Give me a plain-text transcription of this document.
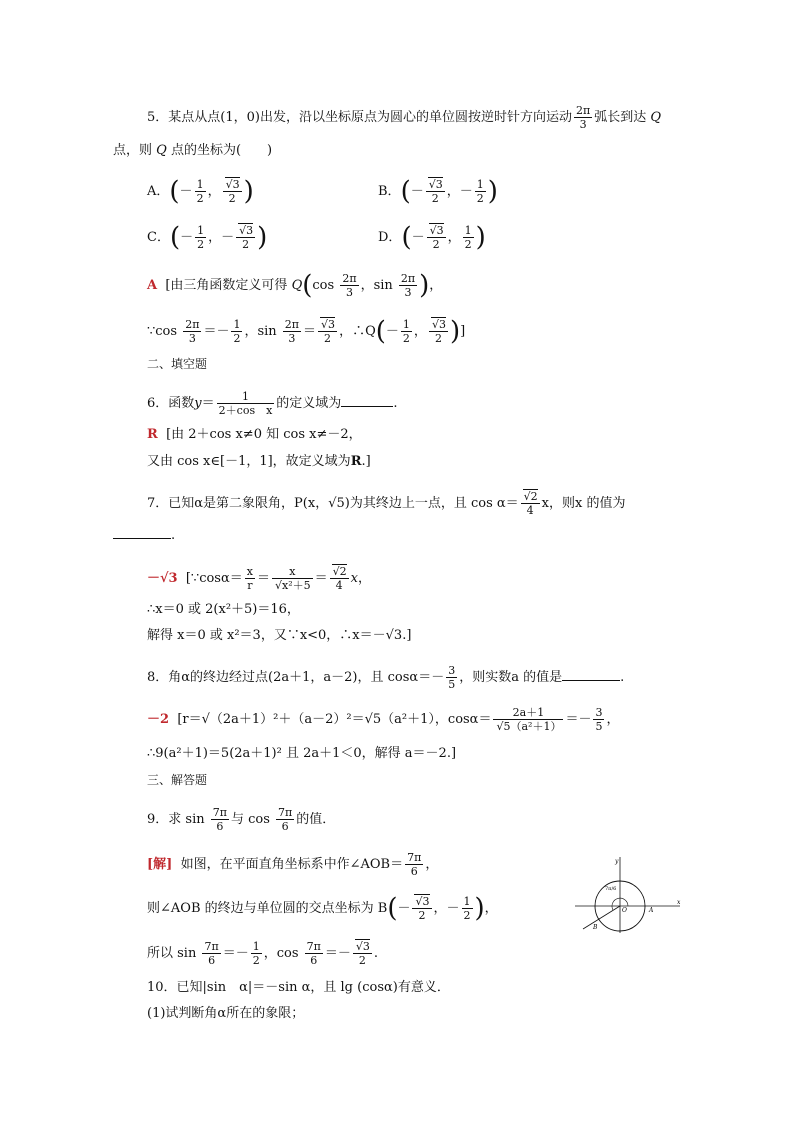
5．某点从点(1，0)出发，沿以坐标原点为圆心的单位圆按逆时针方向运动 $\frac{2\pi}{3}$ 弧长到达 Q
点，则 Q 点的坐标为(　　)
A．(－ $\frac{1}{2}$ ， $\frac{√3}{2}$ )	B．(－ $\frac{√3}{2}$ ，－ $\frac{1}{2}$ )
C．(－ $\frac{1}{2}$ ，－ $\frac{√3}{2}$ )	D．(－ $\frac{√3}{2}$ ， $\frac{1}{2}$ )
A [由三角函数定义可得 $Q(\cos \frac{2\pi}{3}$ ，$\sin \frac{2\pi}{3}$ )，
∵cos $\frac{2\pi}{3} =- \frac{1}{2}$ ，$\sin \frac{2\pi}{3} = \frac{√3}{2}$ ，∴Q(－ $\frac{1}{2}$ ， $\frac{√3}{2}$ )]
二、填空题
6．函数$y= \frac{1}{\text{2＋cos　x}}$ 的定义域为	.
R [由 2＋cos x≠0 知 cos x≠－2，
又由 cos x∈[－1，1]，故定义域为R.]
7．已知α是第二象限角，P(x，√5)为其终边上一点，且 $\cos \alpha= \frac{√2}{4}$ x，则x 的值为
.
－√3 [∵cosα＝ $\frac{x}{r} = \frac{x}{\text{√x²＋5}} = \frac{√2}{4}$ x，
∴x＝0 或 2(x²＋5)＝16，
解得 x＝0 或 x²＝3，又∵x<0，∴x＝－√3.]
8．角α的终边经过点(2a＋1，a－2)，且 $\cos\alpha=- \frac{3}{5}$ ，则实数a 的值是	.
－2 [r＝√（2a＋1）²＋（a－2）²＝√5（a²＋1），$\cos\alpha= \frac{2a+1}{\text{√5（a²＋1）}} =- \frac{3}{5}$ ，
∴9(a²＋1)＝5(2a＋1)² 且 2a＋1＜0，解得 a＝－2.]
三、解答题
9．求 $\sin \frac{7\pi}{6}$ 与 $\cos \frac{7\pi}{6}$ 的值．
[解] 如图，在平面直角坐标系中作∠AOB＝ $\frac{7\pi}{6}$ ，
则∠AOB 的终边与单位圆的交点坐标为 $B(- \frac{√3}{2}$ ，－ $\frac{1}{2}$ )，
所以 $\sin \frac{7\pi}{6} =- \frac{1}{2}$ ，$\cos \frac{7\pi}{6} =- \frac{√3}{2}$ .
y
x
O	A
B
7π/6
10．已知|sin　α|＝－sin α，且 lg (cosα)有意义．
(1)试判断角α所在的象限；
